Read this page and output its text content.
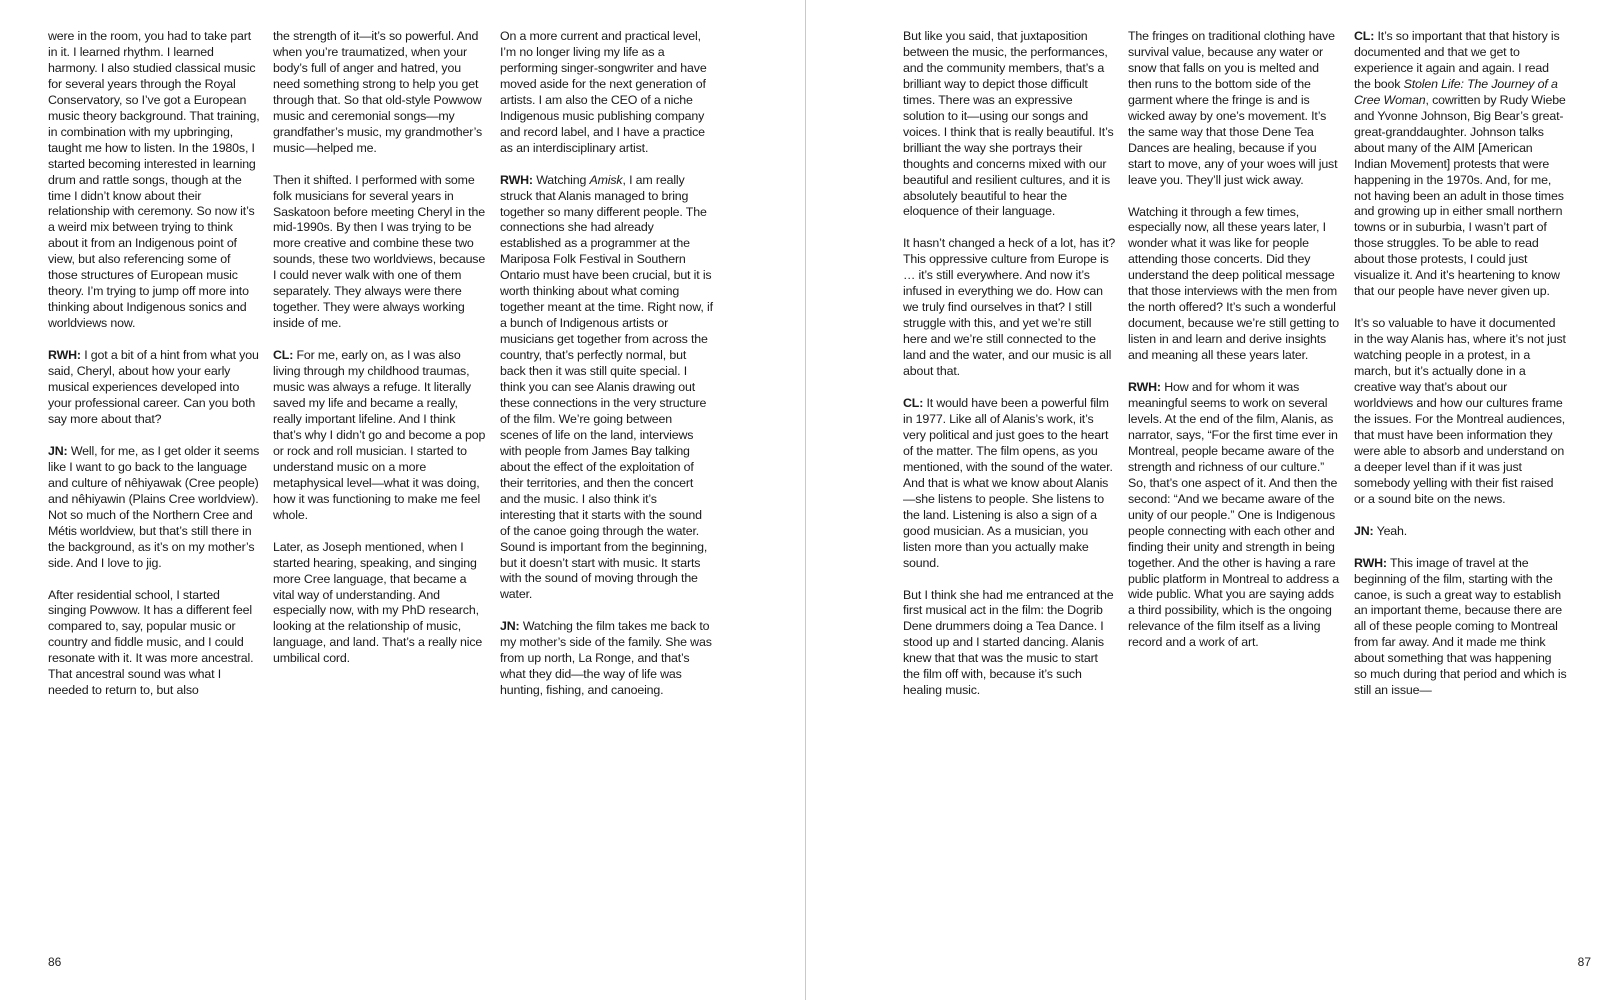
were in the room, you had to take part in it. I learned rhythm. I learned harmony. I also studied classical music for several years through the Royal Conservatory, so I’ve got a European music theory background. That training, in combination with my upbringing, taught me how to listen. In the 1980s, I started becoming interested in learning drum and rattle songs, though at the time I didn’t know about their relationship with ceremony. So now it’s a weird mix between trying to think about it from an Indigenous point of view, but also referencing some of those structures of European music theory. I’m trying to jump off more into thinking about Indigenous sonics and worldviews now.

RWH: I got a bit of a hint from what you said, Cheryl, about how your early musical experiences developed into your professional career. Can you both say more about that?

JN: Well, for me, as I get older it seems like I want to go back to the language and culture of nêhiyawak (Cree people) and nêhiyawin (Plains Cree worldview). Not so much of the Northern Cree and Métis worldview, but that’s still there in the background, as it’s on my mother’s side. And I love to jig.

After residential school, I started singing Powwow. It has a different feel compared to, say, popular music or country and fiddle music, and I could resonate with it. It was more ancestral. That ancestral sound was what I needed to return to, but also

the strength of it—it’s so powerful. And when you’re traumatized, when your body’s full of anger and hatred, you need something strong to help you get through that. So that old-style Powwow music and ceremonial songs—my grandfather’s music, my grandmother’s music—helped me.

Then it shifted. I performed with some folk musicians for several years in Saskatoon before meeting Cheryl in the mid-1990s. By then I was trying to be more creative and combine these two sounds, these two worldviews, because I could never walk with one of them separately. They always were there together. They were always working inside of me.

CL: For me, early on, as I was also living through my childhood traumas, music was always a refuge. It literally saved my life and became a really, really important lifeline. And I think that’s why I didn’t go and become a pop or rock and roll musician. I started to understand music on a more metaphysical level—what it was doing, how it was functioning to make me feel whole.

Later, as Joseph mentioned, when I started hearing, speaking, and singing more Cree language, that became a vital way of understanding. And especially now, with my PhD research, looking at the relationship of music, language, and land. That’s a really nice umbilical cord.

On a more current and practical level, I’m no longer living my life as a performing singer-songwriter and have moved aside for the next generation of artists. I am also the CEO of a niche Indigenous music publishing company and record label, and I have a practice as an interdisciplinary artist.

RWH: Watching Amisk, I am really struck that Alanis managed to bring together so many different people. The connections she had already established as a programmer at the Mariposa Folk Festival in Southern Ontario must have been crucial, but it is worth thinking about what coming together meant at the time. Right now, if a bunch of Indigenous artists or musicians get together from across the country, that’s perfectly normal, but back then it was still quite special. I think you can see Alanis drawing out these connections in the very structure of the film. We’re going between scenes of life on the land, interviews with people from James Bay talking about the effect of the exploitation of their territories, and then the concert and the music. I also think it’s interesting that it starts with the sound of the canoe going through the water. Sound is important from the beginning, but it doesn’t start with music. It starts with the sound of moving through the water.

JN: Watching the film takes me back to my mother’s side of the family. She was from up north, La Ronge, and that’s what they did—the way of life was hunting, fishing, and canoeing.

86

But like you said, that juxtaposition between the music, the performances, and the community members, that’s a brilliant way to depict those difficult times. There was an expressive solution to it—using our songs and voices. I think that is really beautiful. It’s brilliant the way she portrays their thoughts and concerns mixed with our beautiful and resilient cultures, and it is absolutely beautiful to hear the eloquence of their language.

It hasn’t changed a heck of a lot, has it? This oppressive culture from Europe is … it’s still everywhere. And now it’s infused in everything we do. How can we truly find ourselves in that? I still struggle with this, and yet we’re still here and we’re still connected to the land and the water, and our music is all about that.

CL: It would have been a powerful film in 1977. Like all of Alanis’s work, it’s very political and just goes to the heart of the matter. The film opens, as you mentioned, with the sound of the water. And that is what we know about Alanis—she listens to people. She listens to the land. Listening is also a sign of a good musician. As a musician, you listen more than you actually make sound.

But I think she had me entranced at the first musical act in the film: the Dogrib Dene drummers doing a Tea Dance. I stood up and I started dancing. Alanis knew that that was the music to start the film off with, because it’s such healing music.

The fringes on traditional clothing have survival value, because any water or snow that falls on you is melted and then runs to the bottom side of the garment where the fringe is and is wicked away by one’s movement. It’s the same way that those Dene Tea Dances are healing, because if you start to move, any of your woes will just leave you. They’ll just wick away.

Watching it through a few times, especially now, all these years later, I wonder what it was like for people attending those concerts. Did they understand the deep political message that those interviews with the men from the north offered? It’s such a wonderful document, because we’re still getting to listen in and learn and derive insights and meaning all these years later.

RWH: How and for whom it was meaningful seems to work on several levels. At the end of the film, Alanis, as narrator, says, “For the first time ever in Montreal, people became aware of the strength and richness of our culture.” So, that’s one aspect of it. And then the second: “And we became aware of the unity of our people.” One is Indigenous people connecting with each other and finding their unity and strength in being together. And the other is having a rare public platform in Montreal to address a wide public. What you are saying adds a third possibility, which is the ongoing relevance of the film itself as a living record and a work of art.

CL: It’s so important that that history is documented and that we get to experience it again and again. I read the book Stolen Life: The Journey of a Cree Woman, cowritten by Rudy Wiebe and Yvonne Johnson, Big Bear’s great-great-granddaughter. Johnson talks about many of the AIM [American Indian Movement] protests that were happening in the 1970s. And, for me, not having been an adult in those times and growing up in either small northern towns or in suburbia, I wasn’t part of those struggles. To be able to read about those protests, I could just visualize it. And it’s heartening to know that our people have never given up.

It’s so valuable to have it documented in the way Alanis has, where it’s not just watching people in a protest, in a march, but it’s actually done in a creative way that’s about our worldviews and how our cultures frame the issues. For the Montreal audiences, that must have been information they were able to absorb and understand on a deeper level than if it was just somebody yelling with their fist raised or a sound bite on the news.

JN: Yeah.

RWH: This image of travel at the beginning of the film, starting with the canoe, is such a great way to establish an important theme, because there are all of these people coming to Montreal from far away. And it made me think about something that was happening so much during that period and which is still an issue—

87
